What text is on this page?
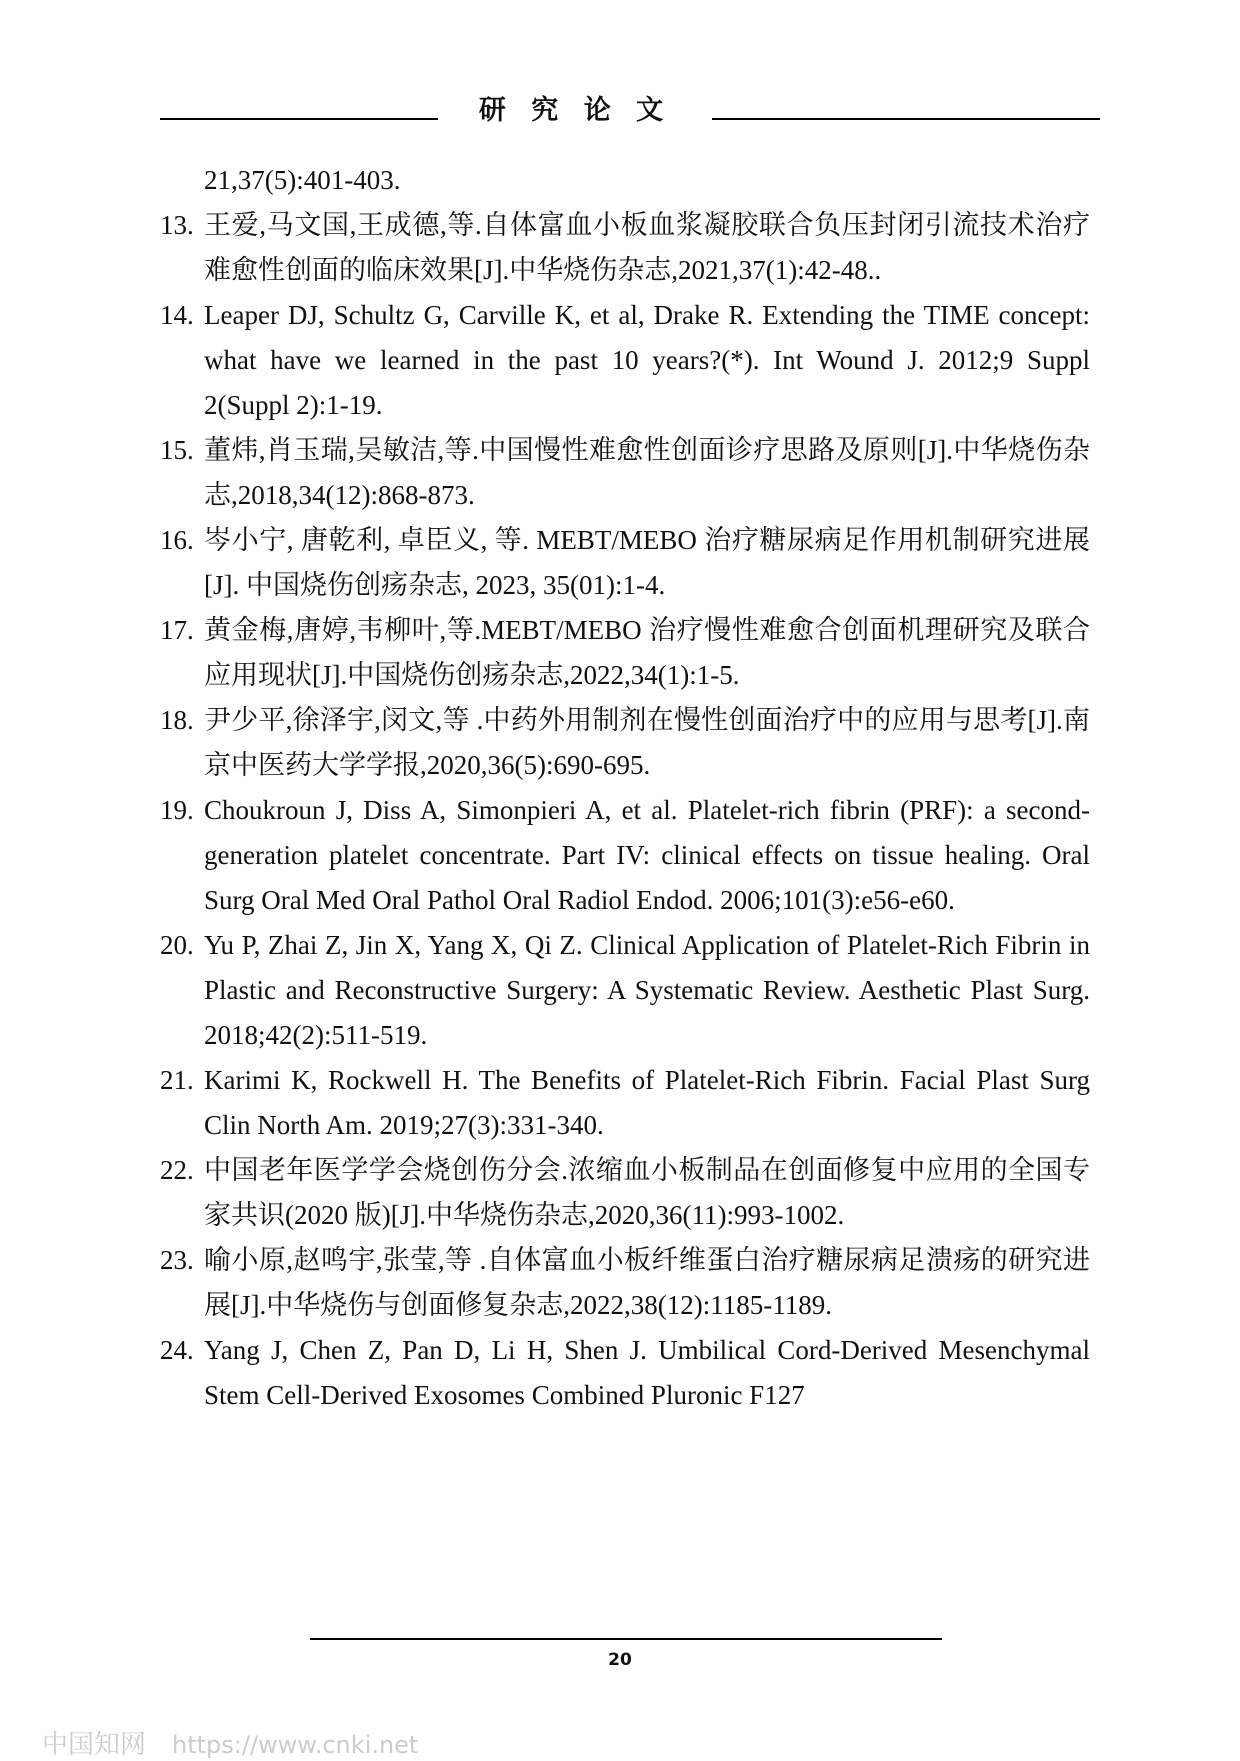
研 究 论 文
21,37(5):401-403.
13. 王爱,马文国,王成德,等.自体富血小板血浆凝胶联合负压封闭引流技术治疗难愈性创面的临床效果[J].中华烧伤杂志,2021,37(1):42-48..
14. Leaper DJ, Schultz G, Carville K, et al, Drake R. Extending the TIME concept: what have we learned in the past 10 years?(*). Int Wound J. 2012;9 Suppl 2(Suppl 2):1-19.
15. 董炜,肖玉瑞,吴敏洁,等.中国慢性难愈性创面诊疗思路及原则[J].中华烧伤杂志,2018,34(12):868-873.
16. 岑小宁, 唐乾利, 卓臣义, 等. MEBT/MEBO 治疗糖尿病足作用机制研究进展[J]. 中国烧伤创疡杂志, 2023, 35(01):1-4.
17. 黄金梅,唐婷,韦柳叶,等.MEBT/MEBO 治疗慢性难愈合创面机理研究及联合应用现状[J].中国烧伤创疡杂志,2022,34(1):1-5.
18. 尹少平,徐泽宇,闵文,等 .中药外用制剂在慢性创面治疗中的应用与思考[J].南京中医药大学学报,2020,36(5):690-695.
19. Choukroun J, Diss A, Simonpieri A, et al. Platelet-rich fibrin (PRF): a second-generation platelet concentrate. Part IV: clinical effects on tissue healing. Oral Surg Oral Med Oral Pathol Oral Radiol Endod. 2006;101(3):e56-e60.
20. Yu P, Zhai Z, Jin X, Yang X, Qi Z. Clinical Application of Platelet-Rich Fibrin in Plastic and Reconstructive Surgery: A Systematic Review. Aesthetic Plast Surg. 2018;42(2):511-519.
21. Karimi K, Rockwell H. The Benefits of Platelet-Rich Fibrin. Facial Plast Surg Clin North Am. 2019;27(3):331-340.
22. 中国老年医学学会烧创伤分会.浓缩血小板制品在创面修复中应用的全国专家共识(2020 版)[J].中华烧伤杂志,2020,36(11):993-1002.
23. 喻小原,赵鸣宇,张莹,等 .自体富血小板纤维蛋白治疗糖尿病足溃疡的研究进展[J].中华烧伤与创面修复杂志,2022,38(12):1185-1189.
24. Yang J, Chen Z, Pan D, Li H, Shen J. Umbilical Cord-Derived Mesenchymal Stem Cell-Derived Exosomes Combined Pluronic F127
20
中国知网 https://www.cnki.net
